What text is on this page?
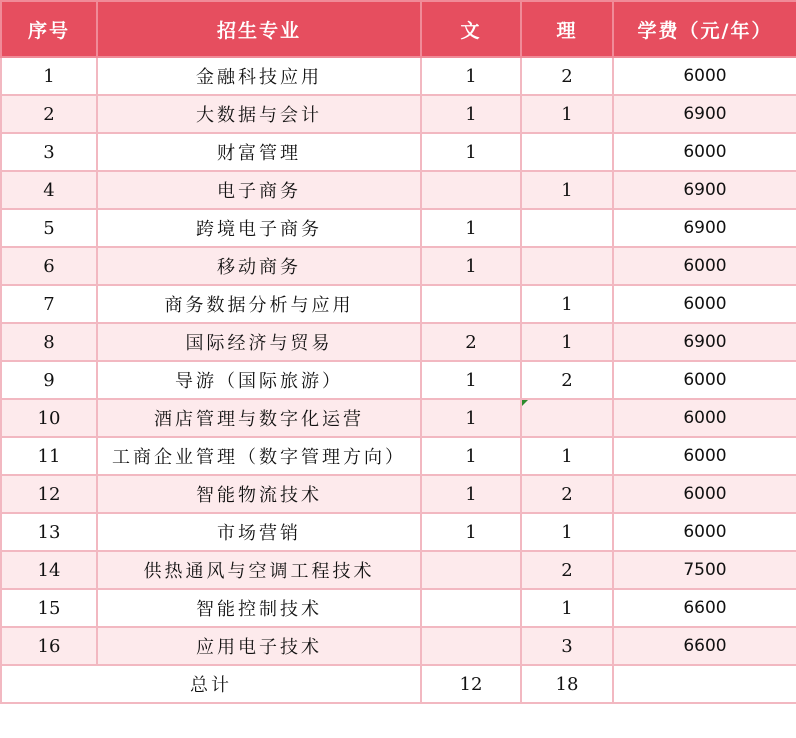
序号	招生专业	文	理	学费（元/年）
1	金融科技应用	1	2	6000
2	大数据与会计	1	1	6900
3	财富管理	1		6000
4	电子商务		1	6900
5	跨境电子商务	1		6900
6	移动商务	1		6000
7	商务数据分析与应用		1	6000
8	国际经济与贸易	2	1	6900
9	导游（国际旅游）	1	2	6000
10	酒店管理与数字化运营	1		6000
11	工商企业管理（数字管理方向）	1	1	6000
12	智能物流技术	1	2	6000
13	市场营销	1	1	6000
14	供热通风与空调工程技术		2	7500
15	智能控制技术		1	6600
16	应用电子技术		3	6600
总计		12	18	
